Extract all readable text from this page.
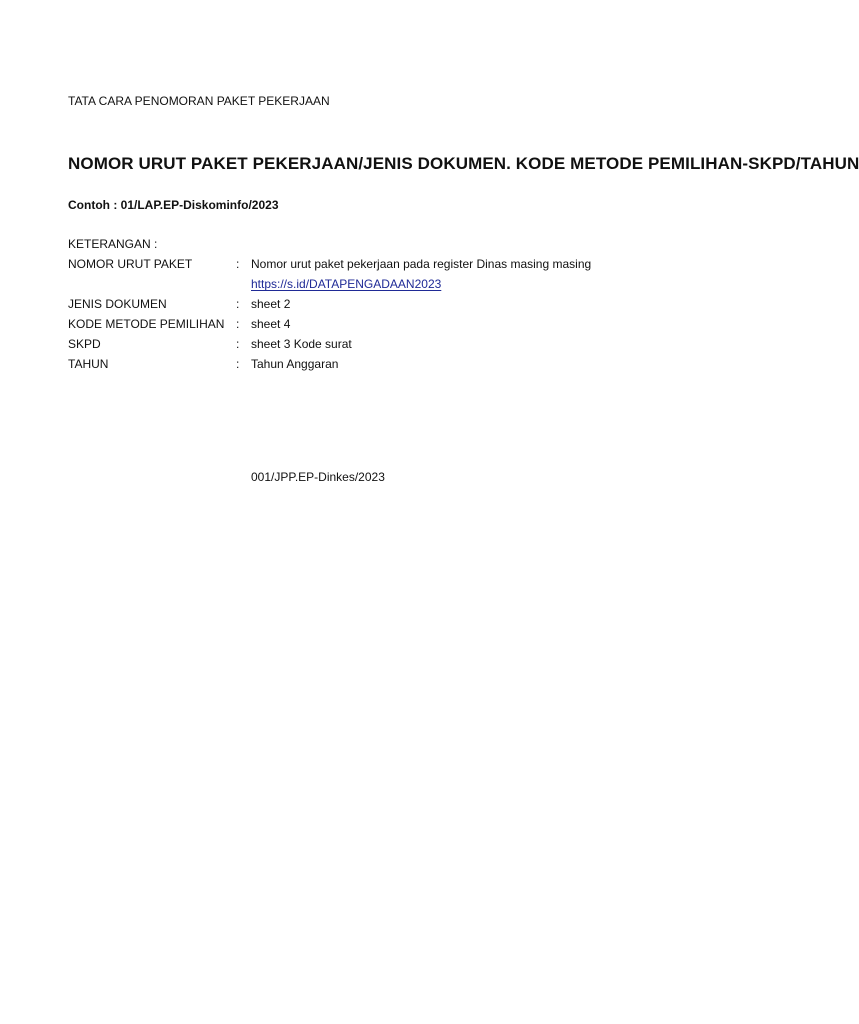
TATA CARA PENOMORAN PAKET PEKERJAAN
NOMOR URUT PAKET PEKERJAAN/JENIS DOKUMEN. KODE METODE PEMILIHAN-SKPD/TAHUN
Contoh : 01/LAP.EP-Diskominfo/2023
KETERANGAN :
NOMOR URUT PAKET	: Nomor urut paket pekerjaan pada register Dinas masing masing
https://s.id/DATAPENGADAAN2023
JENIS DOKUMEN	: sheet 2
KODE METODE PEMILIHAN : sheet 4
SKPD	: sheet 3 Kode surat
TAHUN	: Tahun Anggaran
001/JPP.EP-Dinkes/2023
